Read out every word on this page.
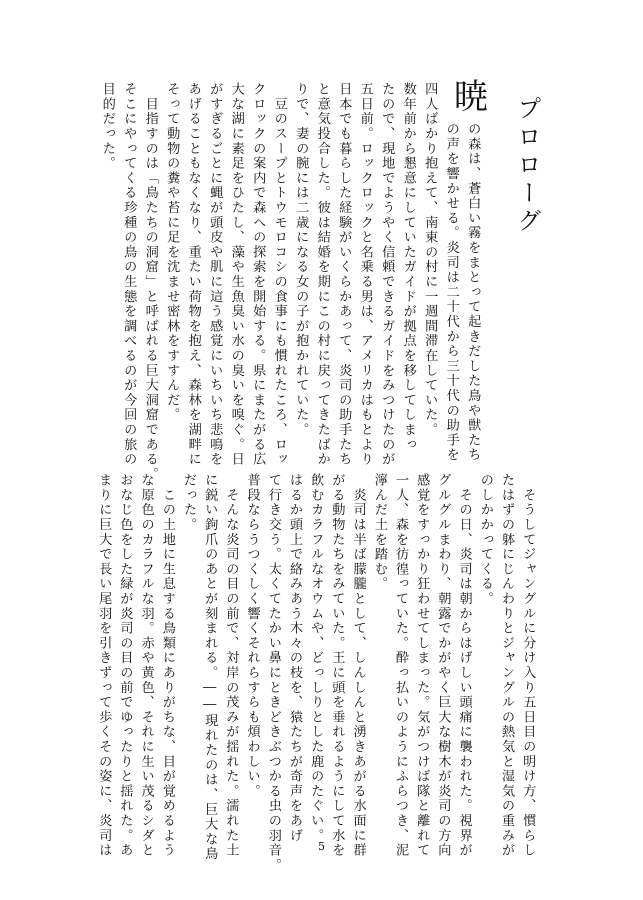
プロローグ
暁
の森は、蒼白い霧をまとって起きだした鳥や獣たち
の声を響かせる。炎司は二十代から三十代の助手を
四人ばかり抱えて、南東の村に一週間滞在していた。
数年前から懇意にしていたガイドが拠点を移してしまっ
たので、現地でようやく信頼できるガイドをみつけたのが
五日前。ロックロックと名乗る男は、アメリカはもとより
日本でも暮らした経験がいくらかあって、炎司の助手たち
と意気投合した。彼は結婚を期にこの村に戻ってきたばか
りで、妻の腕には二歳になる女の子が抱かれていた。
　豆のスープとトウモロコシの食事にも慣れたころ、ロッ
クロックの案内で森への探索を開始する。県にまたがる広
大な湖に素足をひたし、藻や生魚臭い水の臭いを嗅ぐ。日
がすぎるごとに蝿が頭皮や肌に這う感覚にいちいち悲鳴を
あげることもなくなり、重たい荷物を抱え、森林を湖畔に
そって動物の糞や苔に足を沈ませ密林をすすんだ。
　目指すのは「鳥たちの洞窟」と呼ばれる巨大洞窟である。
そこにやってくる珍種の鳥の生態を調べるのが今回の旅の
目的だった。
　そうしてジャングルに分け入り五日目の明け方、慣らし
たはずの躰にじんわりとジャングルの熱気と湿気の重みが
のしかかってくる。
　その日、炎司は朝からはげしい頭痛に襲われた。視界が
グルグルまわり、朝露でかがやく巨大な樹木が炎司の方向
感覚をすっかり狂わせてしまった。気がつけば隊と離れて
一人、森を彷徨っていた。酔っ払いのようにふらつき、泥
濘んだ土を踏む。
　炎司は半ば朦朧として、しんしんと湧きあがる水面に群
がる動物たちをみていた。王に頭を垂れるようにして水を
飲むカラフルなオウムや、どっしりとした鹿のたぐい。
はるか頭上で絡みあう木々の枝を、猿たちが奇声をあげ
て行き交う。太くてたかい鼻にときどきぶつかる虫の羽音。
普段ならうつくしく響くそれらすらも煩わしい。
　そんな炎司の目の前で、対岸の茂みが揺れた。濡れた土
に鋭い鉤爪のあとが刻まれる。――現れたのは、巨大な鳥
だった。
　この土地に生息する鳥類にありがちな、目が覚めるよう
な原色のカラフルな羽。赤や黄色、それに生い茂るシダと
おなじ色をした緑が炎司の目の前でゆったりと揺れた。あ
まりに巨大で長い尾羽を引きずって歩くその姿に、炎司は	5
